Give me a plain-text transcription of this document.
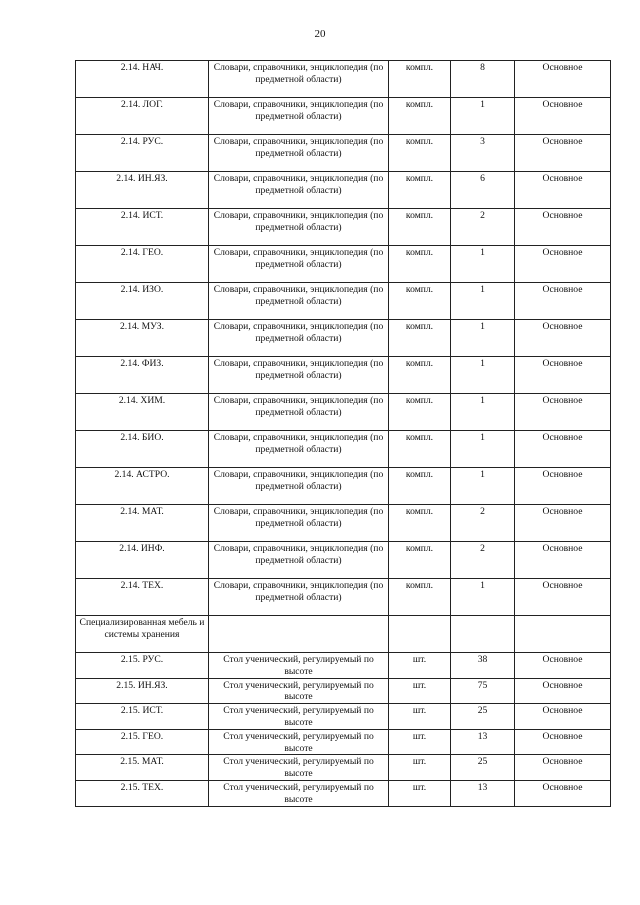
20
2.14. НАЧ.	Словари, справочники, энциклопедия (по предметной области)	компл.	8	Основное
2.14. ЛОГ.	Словари, справочники, энциклопедия (по предметной области)	компл.	1	Основное
2.14. РУС.	Словари, справочники, энциклопедия (по предметной области)	компл.	3	Основное
2.14. ИН.ЯЗ.	Словари, справочники, энциклопедия (по предметной области)	компл.	6	Основное
2.14. ИСТ.	Словари, справочники, энциклопедия (по предметной области)	компл.	2	Основное
2.14. ГЕО.	Словари, справочники, энциклопедия (по предметной области)	компл.	1	Основное
2.14. ИЗО.	Словари, справочники, энциклопедия (по предметной области)	компл.	1	Основное
2.14. МУЗ.	Словари, справочники, энциклопедия (по предметной области)	компл.	1	Основное
2.14. ФИЗ.	Словари, справочники, энциклопедия (по предметной области)	компл.	1	Основное
2.14. ХИМ.	Словари, справочники, энциклопедия (по предметной области)	компл.	1	Основное
2.14. БИО.	Словари, справочники, энциклопедия (по предметной области)	компл.	1	Основное
2.14. АСТРО.	Словари, справочники, энциклопедия (по предметной области)	компл.	1	Основное
2.14. МАТ.	Словари, справочники, энциклопедия (по предметной области)	компл.	2	Основное
2.14. ИНФ.	Словари, справочники, энциклопедия (по предметной области)	компл.	2	Основное
2.14. ТЕХ.	Словари, справочники, энциклопедия (по предметной области)	компл.	1	Основное
Специализированная мебель и системы хранения				
2.15. РУС.	Стол ученический, регулируемый по высоте	шт.	38	Основное
2.15. ИН.ЯЗ.	Стол ученический, регулируемый по высоте	шт.	75	Основное
2.15. ИСТ.	Стол ученический, регулируемый по высоте	шт.	25	Основное
2.15. ГЕО.	Стол ученический, регулируемый по высоте	шт.	13	Основное
2.15. МАТ.	Стол ученический, регулируемый по высоте	шт.	25	Основное
2.15. ТЕХ.	Стол ученический, регулируемый по высоте	шт.	13	Основное
